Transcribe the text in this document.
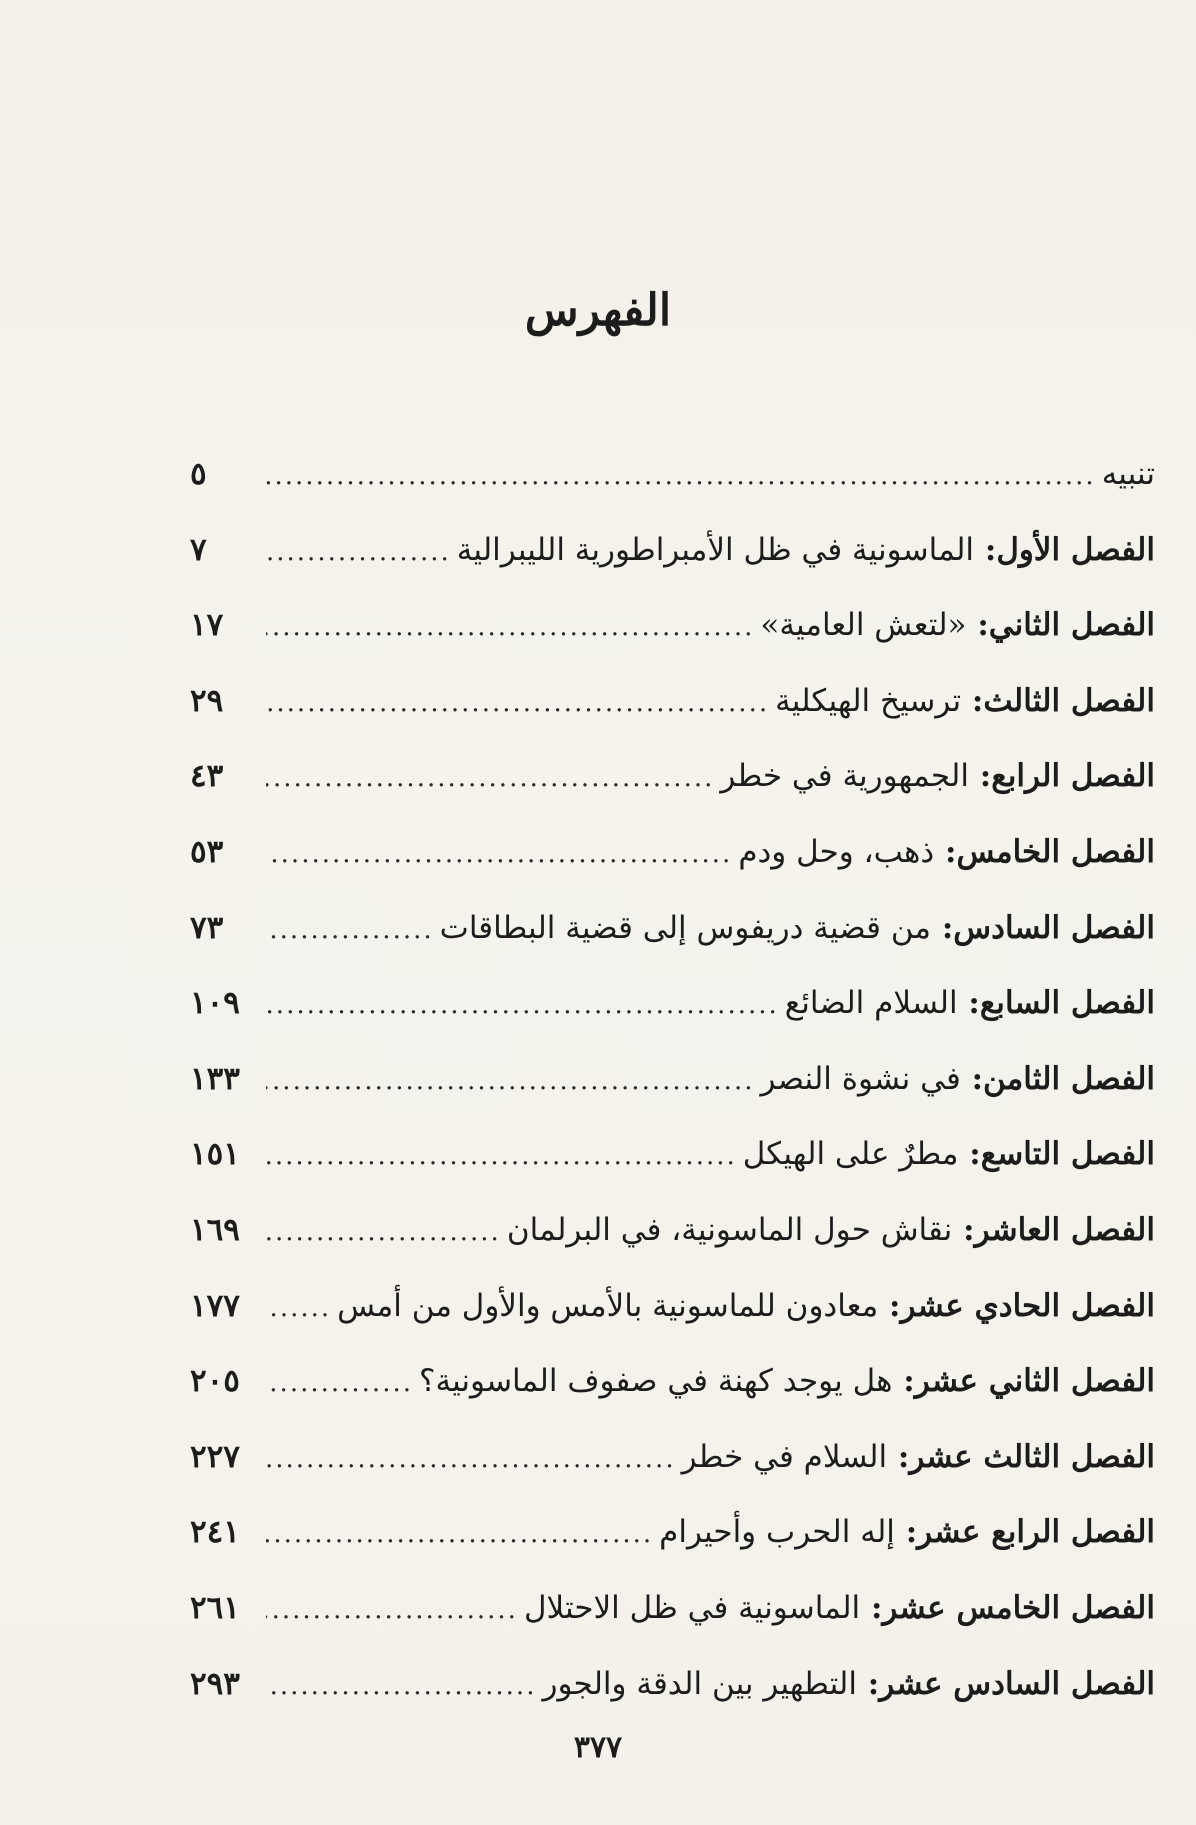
الفهرس
تنبيه
.....
٥
الفصل الأول: الماسونية في ظل الأمبراطورية الليبرالية
.....
٧
الفصل الثاني: «لتعش العامية»
.....
١٧
الفصل الثالث: ترسيخ الهيكلية
.....
٢٩
الفصل الرابع: الجمهورية في خطر
.....
٤٣
الفصل الخامس: ذهب، وحل ودم
.....
٥٣
الفصل السادس: من قضية دريفوس إلى قضية البطاقات
.....
٧٣
الفصل السابع: السلام الضائع
.....
١٠٩
الفصل الثامن: في نشوة النصر
.....
١٣٣
الفصل التاسع: مطرٌ على الهيكل
.....
١٥١
الفصل العاشر: نقاش حول الماسونية، في البرلمان
.....
١٦٩
الفصل الحادي عشر: معادون للماسونية بالأمس والأول من أمس
.....
١٧٧
الفصل الثاني عشر: هل يوجد كهنة في صفوف الماسونية؟
.....
٢٠٥
الفصل الثالث عشر: السلام في خطر
.....
٢٢٧
الفصل الرابع عشر: إله الحرب وأحيرام
.....
٢٤١
الفصل الخامس عشر: الماسونية في ظل الاحتلال
.....
٢٦١
الفصل السادس عشر: التطهير بين الدقة والجور
.....
٢٩٣
٣٧٧
